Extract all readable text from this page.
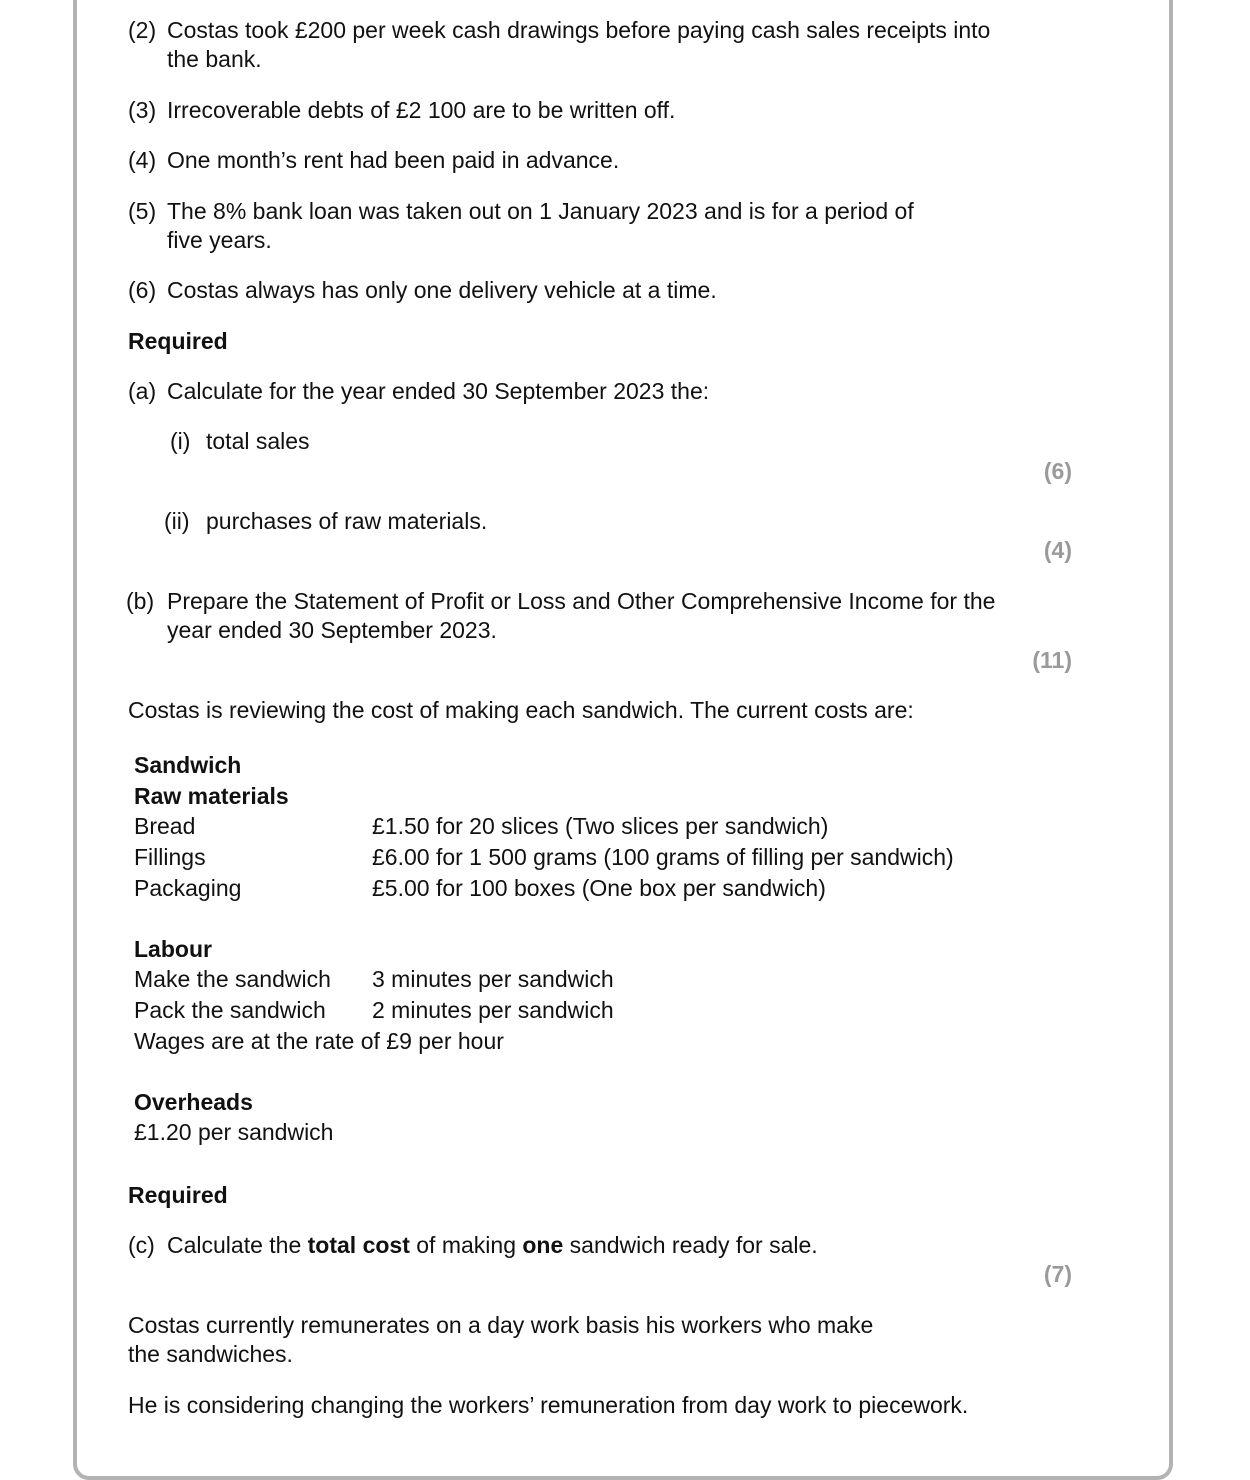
(2) Costas took £200 per week cash drawings before paying cash sales receipts into
the bank.
(3) Irrecoverable debts of £2 100 are to be written off.
(4) One month’s rent had been paid in advance.
(5) The 8% bank loan was taken out on 1 January 2023 and is for a period of
five years.
(6) Costas always has only one delivery vehicle at a time.
Required
(a) Calculate for the year ended 30 September 2023 the:
(i) total sales
(6)
(ii) purchases of raw materials.
(4)
(b) Prepare the Statement of Profit or Loss and Other Comprehensive Income for the
year ended 30 September 2023.
(11)
Costas is reviewing the cost of making each sandwich. The current costs are:
Sandwich
Raw materials
Bread	£1.50 for 20 slices (Two slices per sandwich)
Fillings	£6.00 for 1 500 grams (100 grams of filling per sandwich)
Packaging	£5.00 for 100 boxes (One box per sandwich)
Labour
Make the sandwich 3 minutes per sandwich
Pack the sandwich 2 minutes per sandwich
Wages are at the rate of £9 per hour
Overheads
£1.20 per sandwich
Required
(c) Calculate the total cost of making one sandwich ready for sale.
(7)
Costas currently remunerates on a day work basis his workers who make
the sandwiches.
He is considering changing the workers’ remuneration from day work to piecework.
